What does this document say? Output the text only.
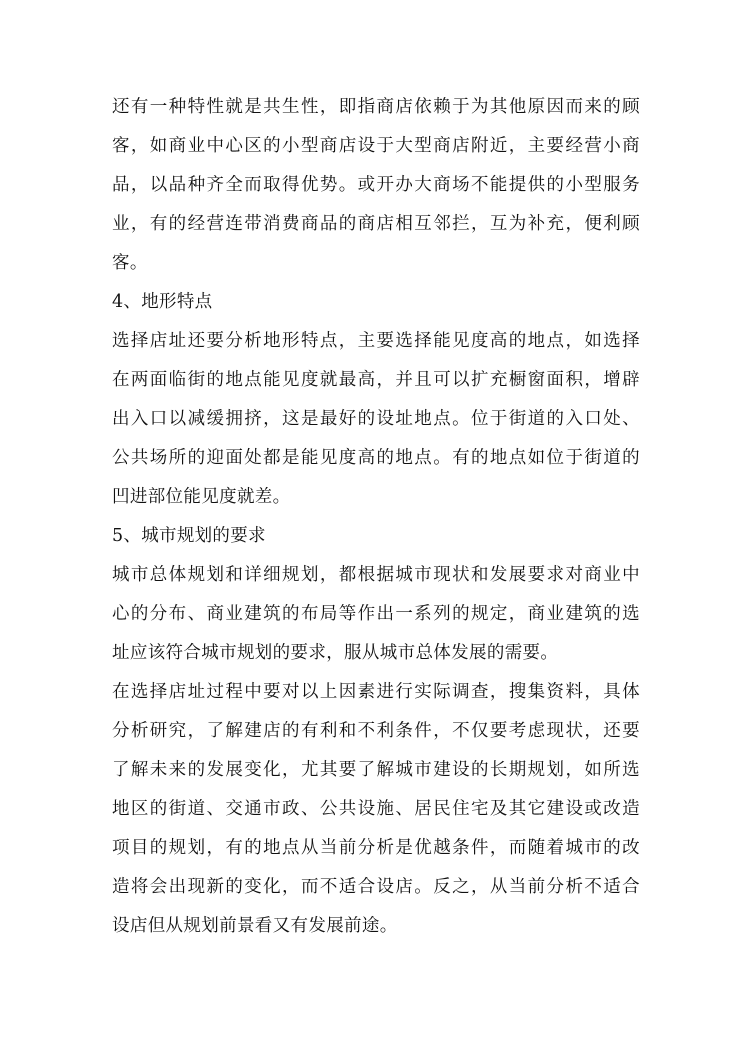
还有一种特性就是共生性，即指商店依赖于为其他原因而来的顾
客，如商业中心区的小型商店设于大型商店附近，主要经营小商
品，以品种齐全而取得优势。或开办大商场不能提供的小型服务
业，有的经营连带消费商品的商店相互邻拦，互为补充，便利顾
客。
4、地形特点
选择店址还要分析地形特点，主要选择能见度高的地点，如选择
在两面临街的地点能见度就最高，并且可以扩充橱窗面积，增辟
出入口以减缓拥挤，这是最好的设址地点。位于街道的入口处、
公共场所的迎面处都是能见度高的地点。有的地点如位于街道的
凹进部位能见度就差。
5、城市规划的要求
城市总体规划和详细规划，都根据城市现状和发展要求对商业中
心的分布、商业建筑的布局等作出一系列的规定，商业建筑的选
址应该符合城市规划的要求，服从城市总体发展的需要。
在选择店址过程中要对以上因素进行实际调查，搜集资料，具体
分析研究，了解建店的有利和不利条件，不仅要考虑现状，还要
了解未来的发展变化，尤其要了解城市建设的长期规划，如所选
地区的街道、交通市政、公共设施、居民住宅及其它建设或改造
项目的规划，有的地点从当前分析是优越条件，而随着城市的改
造将会出现新的变化，而不适合设店。反之，从当前分析不适合
设店但从规划前景看又有发展前途。
